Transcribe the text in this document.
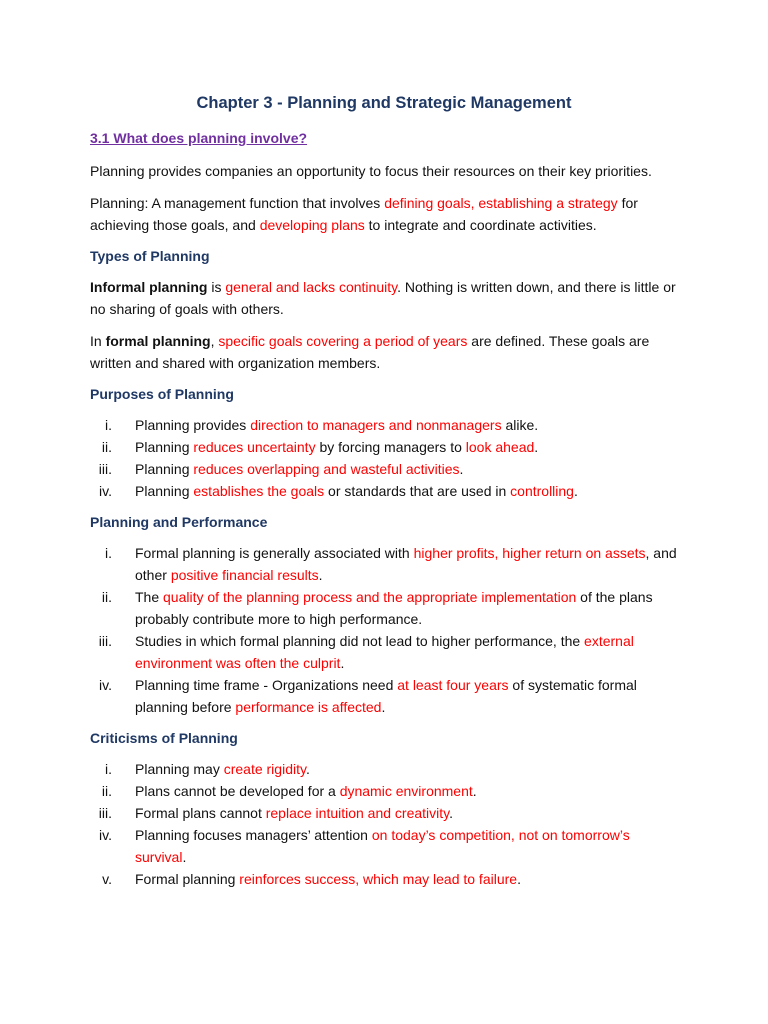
Chapter 3 - Planning and Strategic Management
3.1 What does planning involve?

Planning provides companies an opportunity to focus their resources on their key priorities.

Planning: A management function that involves defining goals, establishing a strategy for achieving those goals, and developing plans to integrate and coordinate activities.

Types of Planning

Informal planning is general and lacks continuity. Nothing is written down, and there is little or no sharing of goals with others.

In formal planning, specific goals covering a period of years are defined. These goals are written and shared with organization members.

Purposes of Planning
i. Planning provides direction to managers and nonmanagers alike.
ii. Planning reduces uncertainty by forcing managers to look ahead.
iii. Planning reduces overlapping and wasteful activities.
iv. Planning establishes the goals or standards that are used in controlling.
Planning and Performance
i. Formal planning is generally associated with higher profits, higher return on assets, and other positive financial results.
ii. The quality of the planning process and the appropriate implementation of the plans probably contribute more to high performance.
iii. Studies in which formal planning did not lead to higher performance, the external environment was often the culprit.
iv. Planning time frame - Organizations need at least four years of systematic formal planning before performance is affected.
Criticisms of Planning
i. Planning may create rigidity.
ii. Plans cannot be developed for a dynamic environment.
iii. Formal plans cannot replace intuition and creativity.
iv. Planning focuses managers’ attention on today’s competition, not on tomorrow’s survival.
v. Formal planning reinforces success, which may lead to failure.
